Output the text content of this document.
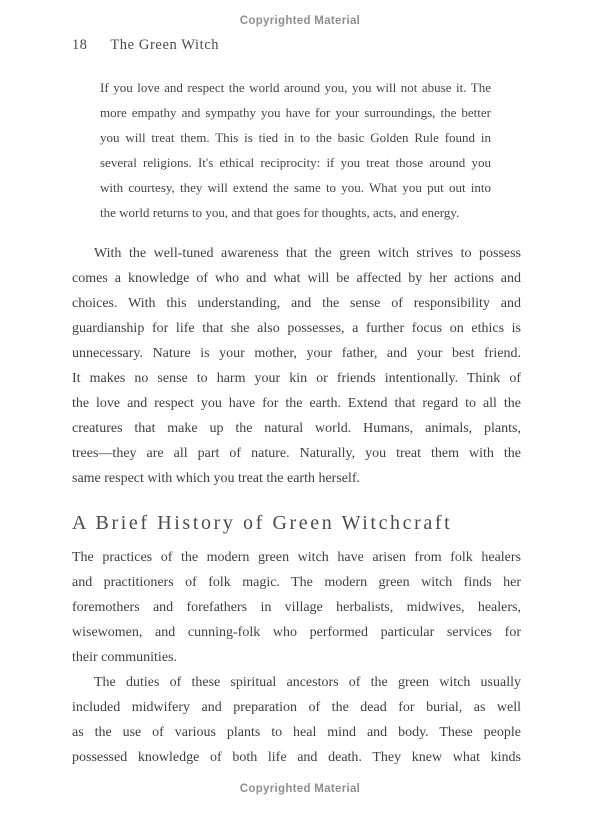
Copyrighted Material
18 The Green Witch
If you love and respect the world around you, you will not abuse it. The
more empathy and sympathy you have for your surroundings, the better
you will treat them. This is tied in to the basic Golden Rule found in
several religions. It's ethical reciprocity: if you treat those around you
with courtesy, they will extend the same to you. What you put out into
the world returns to you, and that goes for thoughts, acts, and energy.
With the well-tuned awareness that the green witch strives to possess
comes a knowledge of who and what will be affected by her actions and
choices. With this understanding, and the sense of responsibility and
guardianship for life that she also possesses, a further focus on ethics is
unnecessary. Nature is your mother, your father, and your best friend.
It makes no sense to harm your kin or friends intentionally. Think of
the love and respect you have for the earth. Extend that regard to all the
creatures that make up the natural world. Humans, animals, plants,
trees—they are all part of nature. Naturally, you treat them with the
same respect with which you treat the earth herself.
A Brief History of Green Witchcraft
The practices of the modern green witch have arisen from folk healers
and practitioners of folk magic. The modern green witch finds her
foremothers and forefathers in village herbalists, midwives, healers,
wisewomen, and cunning-folk who performed particular services for
their communities.
The duties of these spiritual ancestors of the green witch usually
included midwifery and preparation of the dead for burial, as well
as the use of various plants to heal mind and body. These people
possessed knowledge of both life and death. They knew what kinds
Copyrighted Material
